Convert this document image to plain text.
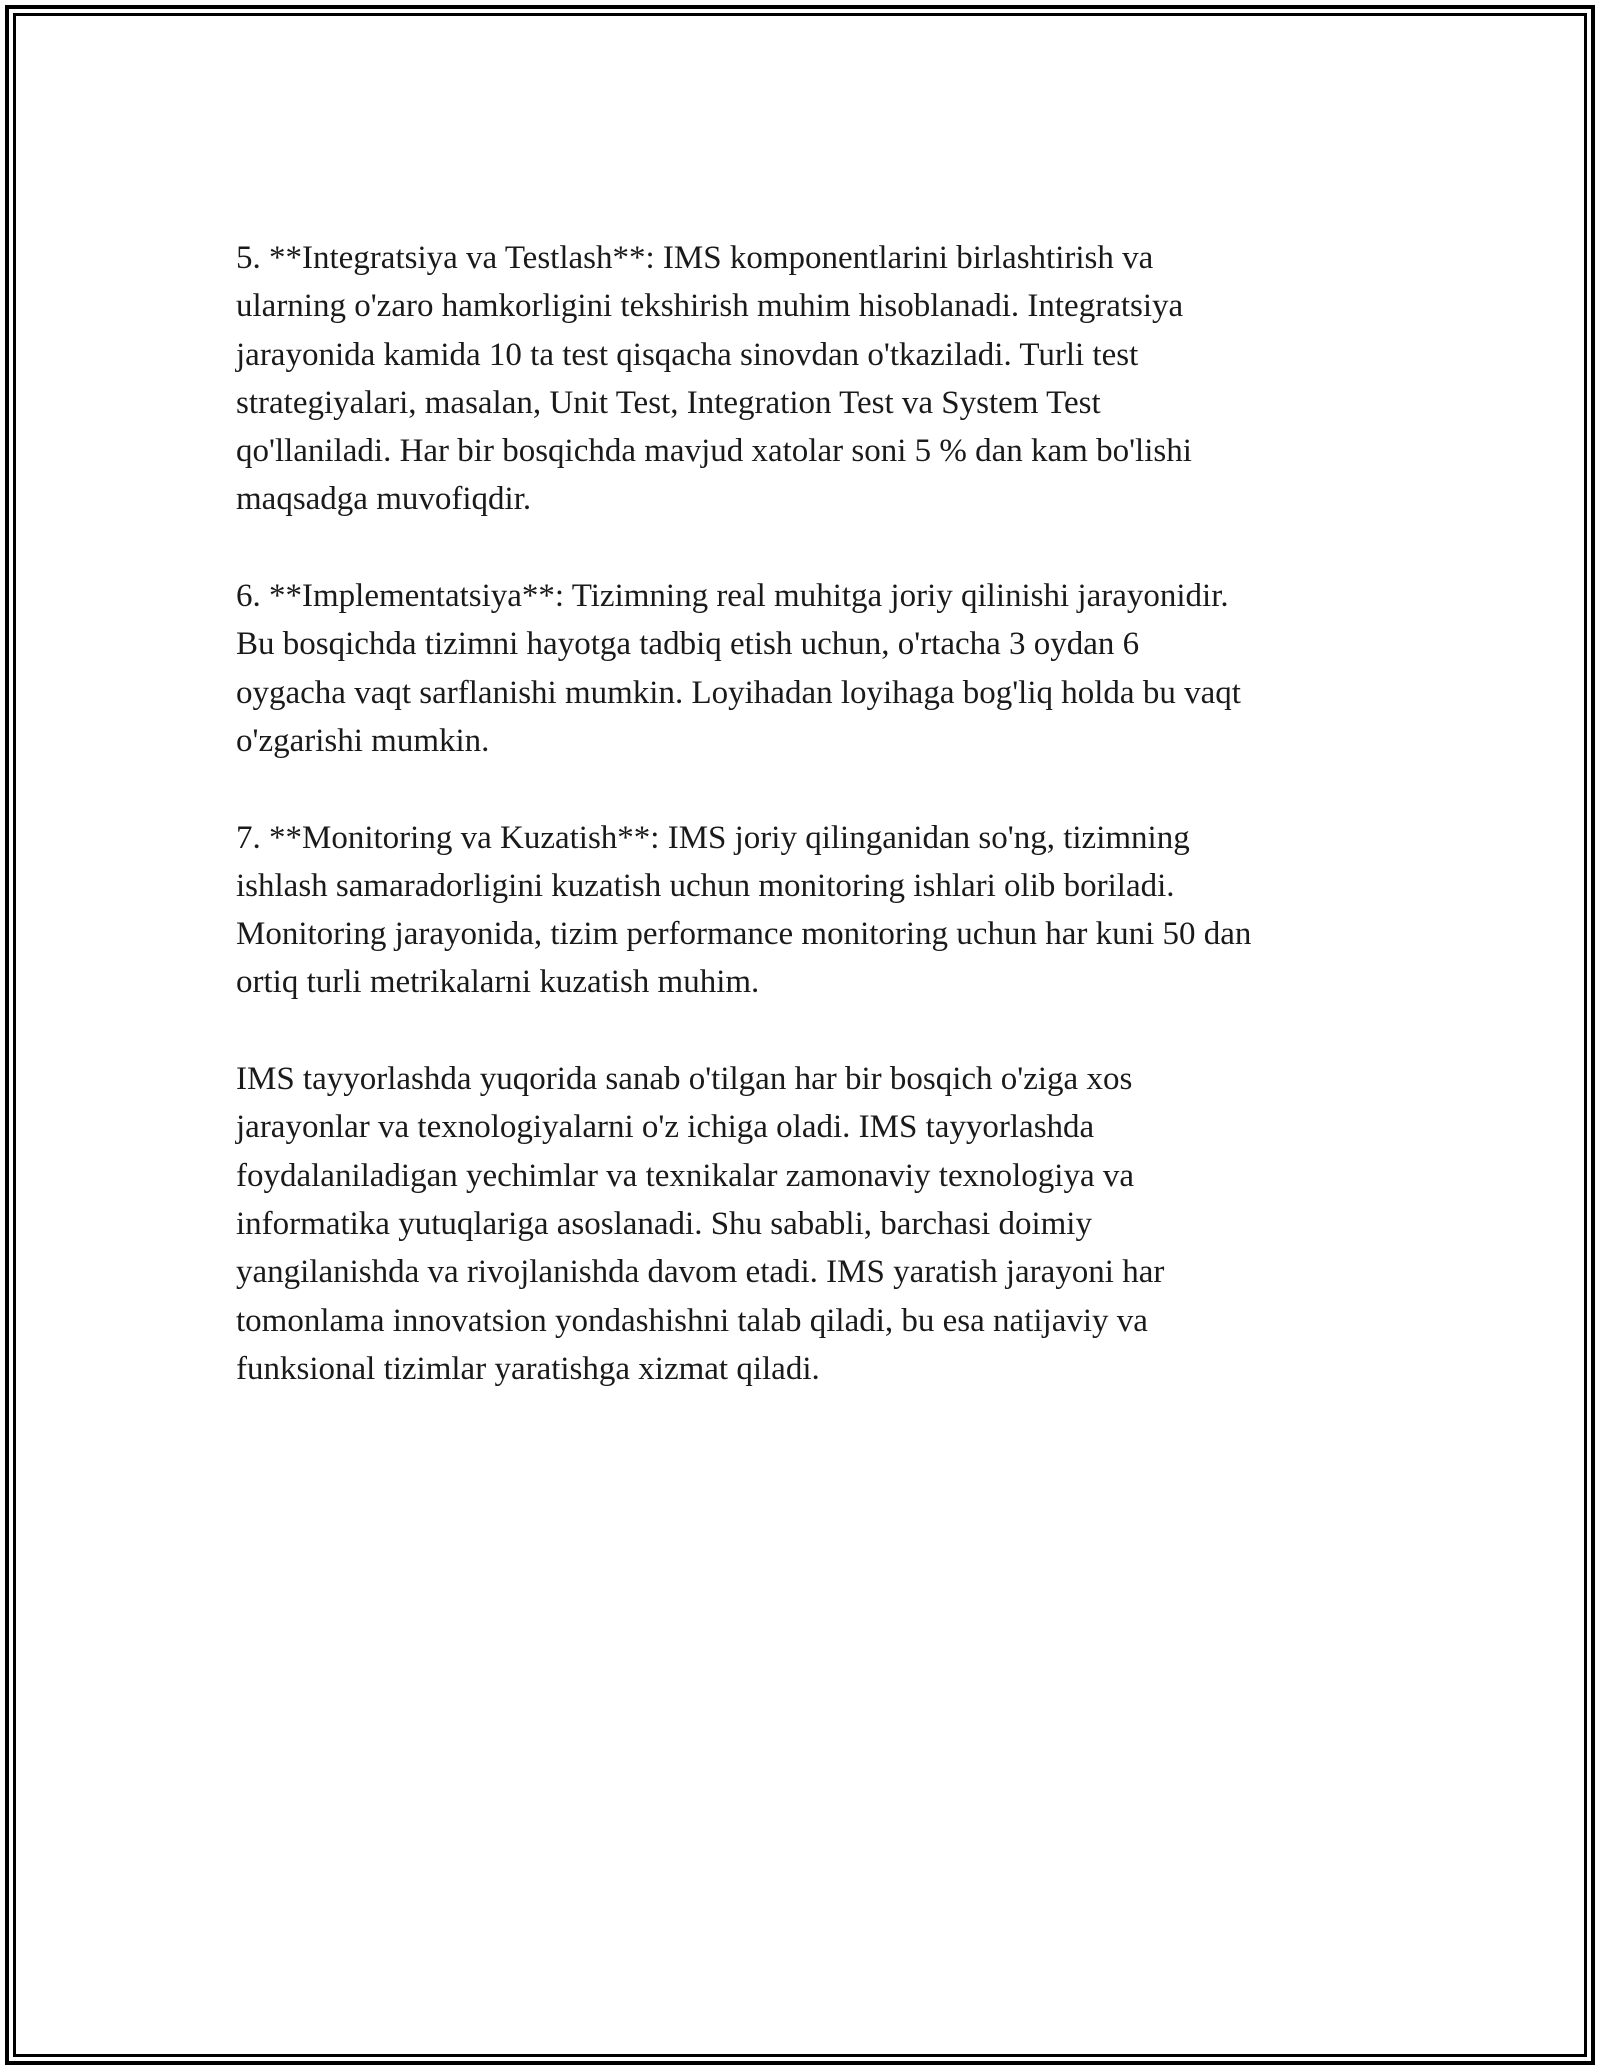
5. **Integratsiya va Testlash**: IMS komponentlarini birlashtirish va
ularning o'zaro hamkorligini tekshirish muhim hisoblanadi. Integratsiya
jarayonida kamida 10 ta test qisqacha sinovdan o'tkaziladi. Turli test
strategiyalari, masalan, Unit Test, Integration Test va System Test
qo'llaniladi. Har bir bosqichda mavjud xatolar soni 5 % dan kam bo'lishi
maqsadga muvofiqdir.

6. **Implementatsiya**: Tizimning real muhitga joriy qilinishi jarayonidir.
Bu bosqichda tizimni hayotga tadbiq etish uchun, o'rtacha 3 oydan 6
oygacha vaqt sarflanishi mumkin. Loyihadan loyihaga bog'liq holda bu vaqt
o'zgarishi mumkin.

7. **Monitoring va Kuzatish**: IMS joriy qilinganidan so'ng, tizimning
ishlash samaradorligini kuzatish uchun monitoring ishlari olib boriladi.
Monitoring jarayonida, tizim performance monitoring uchun har kuni 50 dan
ortiq turli metrikalarni kuzatish muhim.

IMS tayyorlashda yuqorida sanab o'tilgan har bir bosqich o'ziga xos
jarayonlar va texnologiyalarni o'z ichiga oladi. IMS tayyorlashda
foydalaniladigan yechimlar va texnikalar zamonaviy texnologiya va
informatika yutuqlariga asoslanadi. Shu sababli, barchasi doimiy
yangilanishda va rivojlanishda davom etadi. IMS yaratish jarayoni har
tomonlama innovatsion yondashishni talab qiladi, bu esa natijaviy va
funksional tizimlar yaratishga xizmat qiladi.
